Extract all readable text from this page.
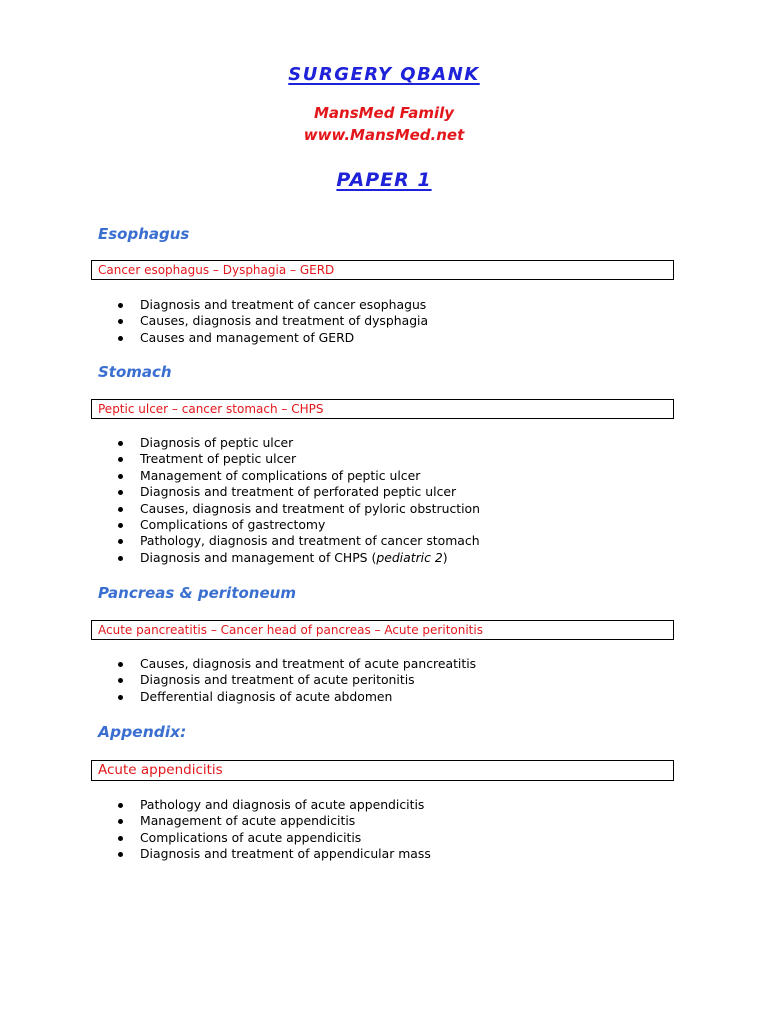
SURGERY QBANK
MansMed Family
www.MansMed.net
PAPER 1
Esophagus
Cancer esophagus – Dysphagia – GERD
Diagnosis and treatment of cancer esophagus
Causes, diagnosis and treatment of dysphagia
Causes and management of GERD
Stomach
Peptic ulcer – cancer stomach – CHPS
Diagnosis of peptic ulcer
Treatment of peptic ulcer
Management of complications of peptic ulcer
Diagnosis and treatment of perforated peptic ulcer
Causes, diagnosis and treatment of pyloric obstruction
Complications of gastrectomy
Pathology, diagnosis and treatment of cancer stomach
Diagnosis and management of CHPS (pediatric 2)
Pancreas & peritoneum
Acute pancreatitis – Cancer head of pancreas – Acute peritonitis
Causes, diagnosis and treatment of acute pancreatitis
Diagnosis and treatment of acute peritonitis
Defferential diagnosis of acute abdomen
Appendix:
Acute appendicitis
Pathology and diagnosis of acute appendicitis
Management of acute appendicitis
Complications of acute appendicitis
Diagnosis and treatment of appendicular mass
